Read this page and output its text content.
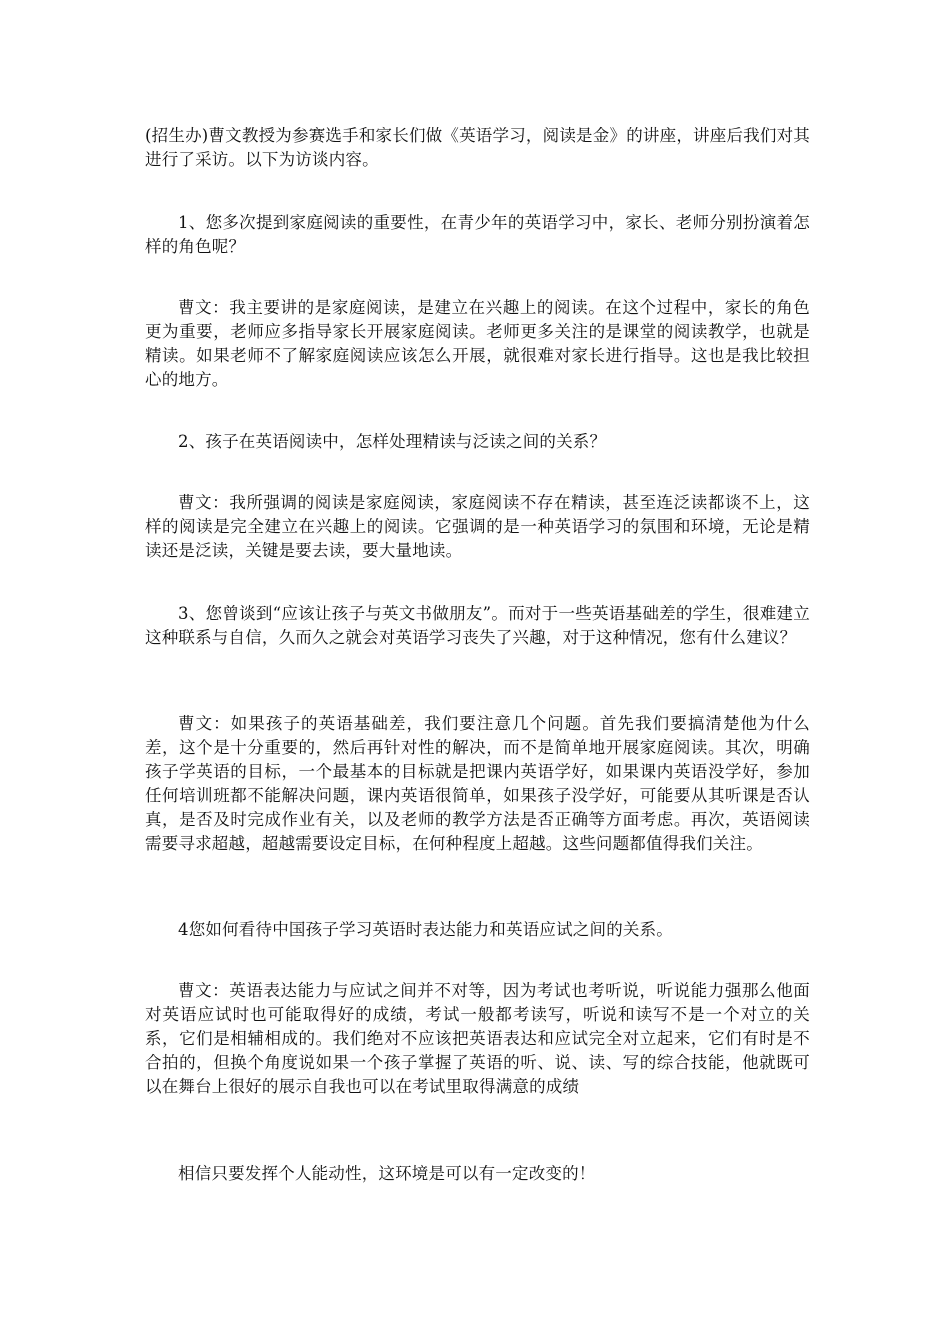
(招生办)曹文教授为参赛选手和家长们做《英语学习，阅读是金》的讲座，讲座后我们对其进行了采访。以下为访谈内容。

1、您多次提到家庭阅读的重要性，在青少年的英语学习中，家长、老师分别扮演着怎样的角色呢？

曹文：我主要讲的是家庭阅读，是建立在兴趣上的阅读。在这个过程中，家长的角色更为重要，老师应多指导家长开展家庭阅读。老师更多关注的是课堂的阅读教学，也就是精读。如果老师不了解家庭阅读应该怎么开展，就很难对家长进行指导。这也是我比较担心的地方。

2、孩子在英语阅读中，怎样处理精读与泛读之间的关系？

曹文：我所强调的阅读是家庭阅读，家庭阅读不存在精读，甚至连泛读都谈不上，这样的阅读是完全建立在兴趣上的阅读。它强调的是一种英语学习的氛围和环境，无论是精读还是泛读，关键是要去读，要大量地读。

3、您曾谈到“应该让孩子与英文书做朋友”。而对于一些英语基础差的学生，很难建立这种联系与自信，久而久之就会对英语学习丧失了兴趣，对于这种情况，您有什么建议？

曹文：如果孩子的英语基础差，我们要注意几个问题。首先我们要搞清楚他为什么差，这个是十分重要的，然后再针对性的解决，而不是简单地开展家庭阅读。其次，明确孩子学英语的目标，一个最基本的目标就是把课内英语学好，如果课内英语没学好，参加任何培训班都不能解决问题，课内英语很简单，如果孩子没学好，可能要从其听课是否认真，是否及时完成作业有关，以及老师的教学方法是否正确等方面考虑。再次，英语阅读需要寻求超越，超越需要设定目标，在何种程度上超越。这些问题都值得我们关注。

4您如何看待中国孩子学习英语时表达能力和英语应试之间的关系。

曹文：英语表达能力与应试之间并不对等，因为考试也考听说，听说能力强那么他面对英语应试时也可能取得好的成绩，考试一般都考读写，听说和读写不是一个对立的关系，它们是相辅相成的。我们绝对不应该把英语表达和应试完全对立起来，它们有时是不合拍的，但换个角度说如果一个孩子掌握了英语的听、说、读、写的综合技能，他就既可以在舞台上很好的展示自我也可以在考试里取得满意的成绩

相信只要发挥个人能动性，这环境是可以有一定改变的！
